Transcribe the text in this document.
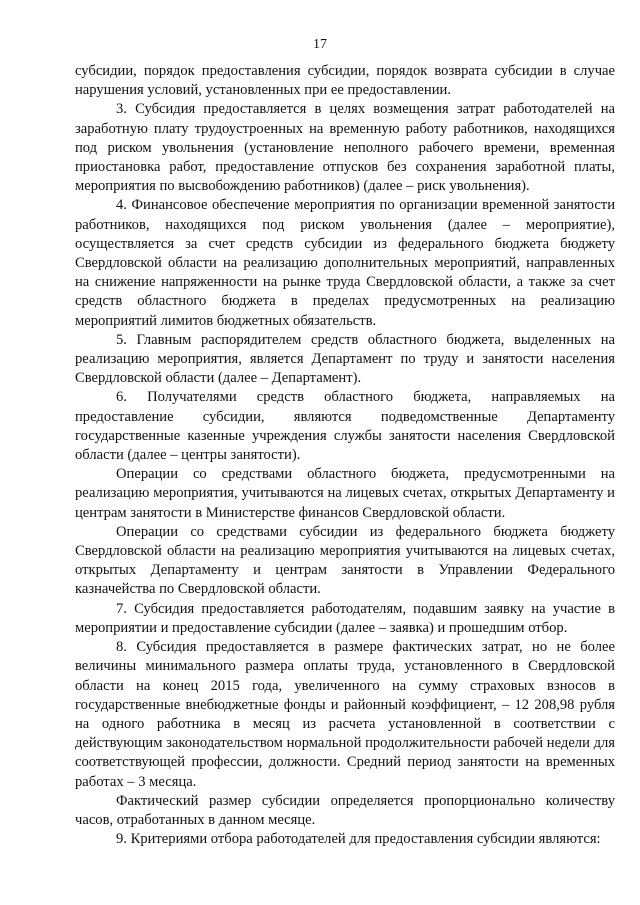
17

субсидии, порядок предоставления субсидии, порядок возврата субсидии в случае нарушения условий, установленных при ее предоставлении.

3. Субсидия предоставляется в целях возмещения затрат работодателей на заработную плату трудоустроенных на временную работу работников, находящихся под риском увольнения (установление неполного рабочего времени, временная приостановка работ, предоставление отпусков без сохранения заработной платы, мероприятия по высвобождению работников) (далее – риск увольнения).

4. Финансовое обеспечение мероприятия по организации временной занятости работников, находящихся под риском увольнения (далее – мероприятие), осуществляется за счет средств субсидии из федерального бюджета бюджету Свердловской области на реализацию дополнительных мероприятий, направленных на снижение напряженности на рынке труда Свердловской области, а также за счет средств областного бюджета в пределах предусмотренных на реализацию мероприятий лимитов бюджетных обязательств.

5. Главным распорядителем средств областного бюджета, выделенных на реализацию мероприятия, является Департамент по труду и занятости населения Свердловской области (далее – Департамент).

6. Получателями средств областного бюджета, направляемых на предоставление субсидии, являются подведомственные Департаменту государственные казенные учреждения службы занятости населения Свердловской области (далее – центры занятости).

Операции со средствами областного бюджета, предусмотренными на реализацию мероприятия, учитываются на лицевых счетах, открытых Департаменту и центрам занятости в Министерстве финансов Свердловской области.

Операции со средствами субсидии из федерального бюджета бюджету Свердловской области на реализацию мероприятия учитываются на лицевых счетах, открытых Департаменту и центрам занятости в Управлении Федерального казначейства по Свердловской области.

7. Субсидия предоставляется работодателям, подавшим заявку на участие в мероприятии и предоставление субсидии (далее – заявка) и прошедшим отбор.

8. Субсидия предоставляется в размере фактических затрат, но не более величины минимального размера оплаты труда, установленного в Свердловской области на конец 2015 года, увеличенного на сумму страховых взносов в государственные внебюджетные фонды и районный коэффициент, – 12 208,98 рубля на одного работника в месяц из расчета установленной в соответствии с действующим законодательством нормальной продолжительности рабочей недели для соответствующей профессии, должности. Средний период занятости на временных работах – 3 месяца.

Фактический размер субсидии определяется пропорционально количеству часов, отработанных в данном месяце.

9. Критериями отбора работодателей для предоставления субсидии являются:
